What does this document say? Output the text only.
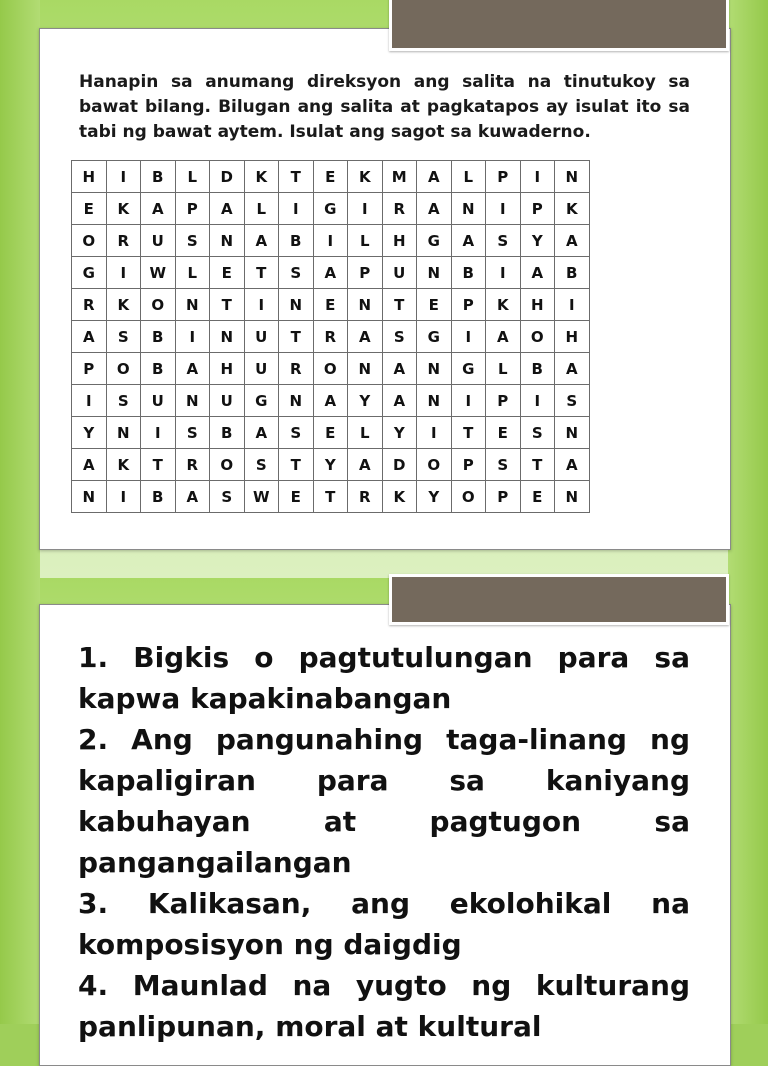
Hanapin sa anumang direksyon ang salita na tinutukoy sa bawat bilang. Bilugan ang salita at pagkatapos ay isulat ito sa tabi ng bawat aytem. Isulat ang sagot sa kuwaderno.

H	I	B	L	D	K	T	E	K	M	A	L	P	I	N
E	K	A	P	A	L	I	G	I	R	A	N	I	P	K
O	R	U	S	N	A	B	I	L	H	G	A	S	Y	A
G	I	W	L	E	T	S	A	P	U	N	B	I	A	B
R	K	O	N	T	I	N	E	N	T	E	P	K	H	I
A	S	B	I	N	U	T	R	A	S	G	I	A	O	H
P	O	B	A	H	U	R	O	N	A	N	G	L	B	A
I	S	U	N	U	G	N	A	Y	A	N	I	P	I	S
Y	N	I	S	B	A	S	E	L	Y	I	T	E	S	N
A	K	T	R	O	S	T	Y	A	D	O	P	S	T	A
N	I	B	A	S	W	E	T	R	K	Y	O	P	E	N
1. Bigkis o pagtutulungan para sa kapwa kapakinabangan
2. Ang pangunahing taga-linang ng kapaligiran para sa kaniyang kabuhayan at pagtugon sa pangangailangan
3. Kalikasan, ang ekolohikal na komposisyon ng daigdig
4. Maunlad na yugto ng kulturang panlipunan, moral at kultural
